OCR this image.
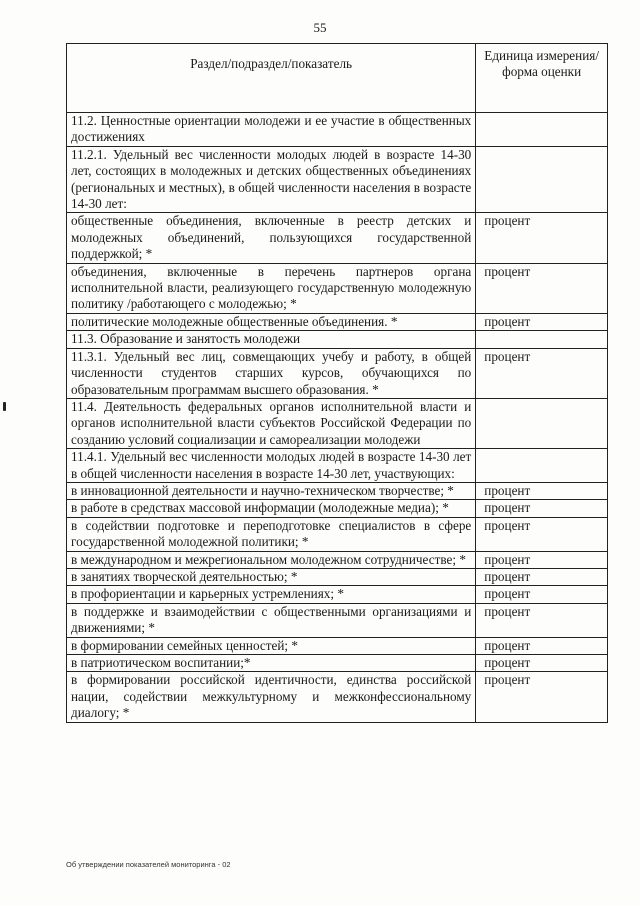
55
Раздел/подраздел/показатель	Единица измерения/ форма оценки
11.2. Ценностные ориентации молодежи и ее участие в общественных достижениях	
11.2.1. Удельный вес численности молодых людей в возрасте 14-30 лет, состоящих в молодежных и детских общественных объединениях (региональных и местных), в общей численности населения в возрасте 14-30 лет:	
общественные объединения, включенные в реестр детских и молодежных объединений, пользующихся государственной поддержкой; *	процент
объединения, включенные в перечень партнеров органа исполнительной власти, реализующего государственную молодежную политику /работающего с молодежью; *	процент
политические молодежные общественные объединения. *	процент
11.3. Образование и занятость молодежи	
11.3.1. Удельный вес лиц, совмещающих учебу и работу, в общей численности студентов старших курсов, обучающихся по образовательным программам высшего образования. *	процент
11.4. Деятельность федеральных органов исполнительной власти и органов исполнительной власти субъектов Российской Федерации по созданию условий социализации и самореализации молодежи	
11.4.1. Удельный вес численности молодых людей в возрасте 14-30 лет в общей численности населения в возрасте 14-30 лет, участвующих:	
в инновационной деятельности и научно-техническом творчестве; *	процент
в работе в средствах массовой информации (молодежные медиа); *	процент
в содействии подготовке и переподготовке специалистов в сфере государственной молодежной политики; *	процент
в международном и межрегиональном молодежном сотрудничестве; *	процент
в занятиях творческой деятельностью; *	процент
в профориентации и карьерных устремлениях; *	процент
в поддержке и взаимодействии с общественными организациями и движениями; *	процент
в формировании семейных ценностей; *	процент
в патриотическом воспитании;*	процент
в формировании российской идентичности, единства российской нации, содействии межкультурному и межконфессиональному диалогу; *	процент
Об утверждении показателей мониторинга - 02
